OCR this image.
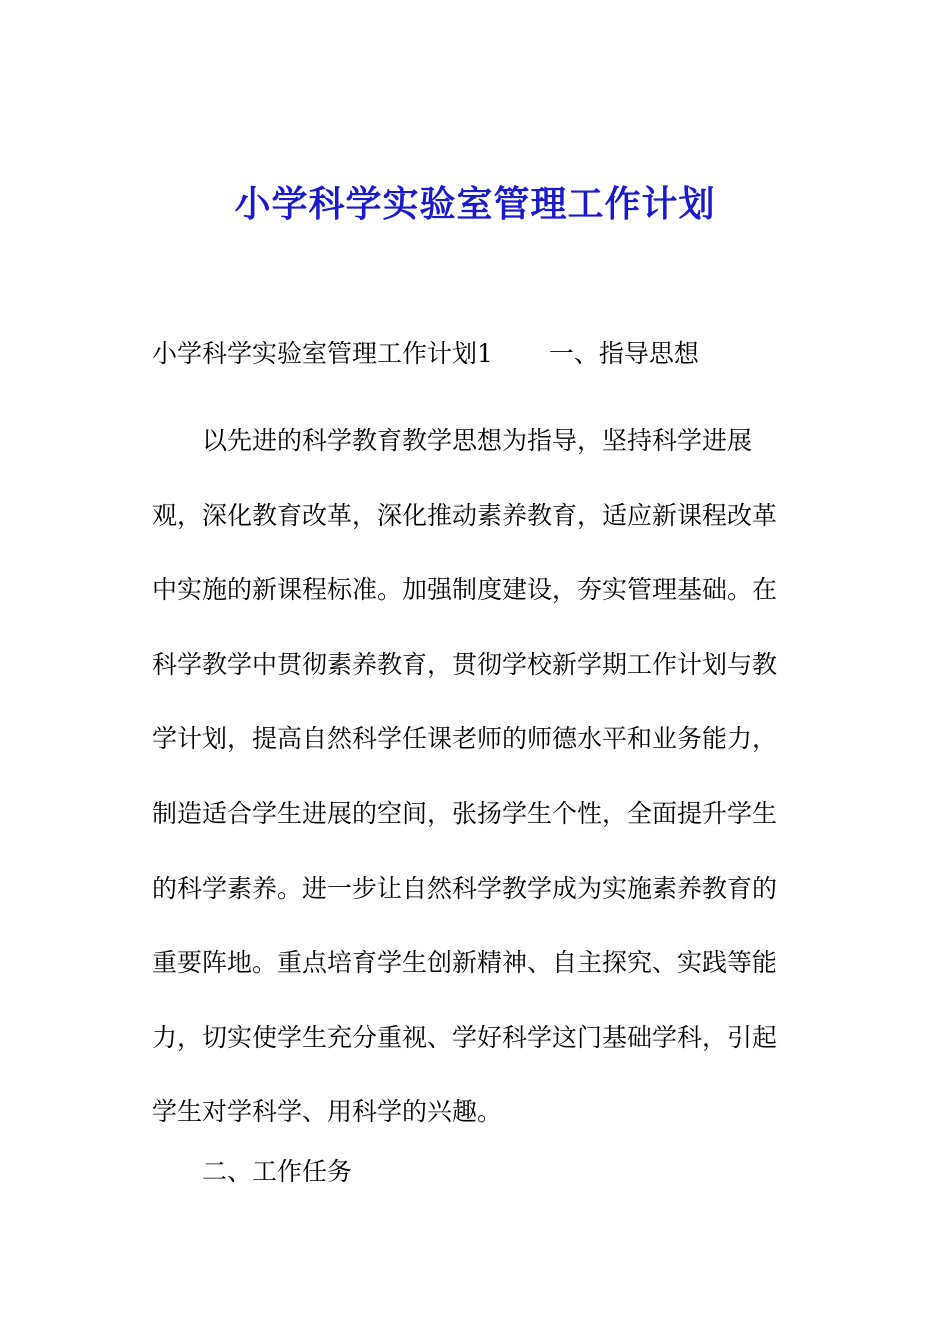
小学科学实验室管理工作计划
小学科学实验室管理工作计划1 一、指导思想
以先进的科学教育教学思想为指导，坚持科学进展
观，深化教育改革，深化推动素养教育，适应新课程改革
中实施的新课程标准。加强制度建设，夯实管理基础。在
科学教学中贯彻素养教育，贯彻学校新学期工作计划与教
学计划，提高自然科学任课老师的师德水平和业务能力，
制造适合学生进展的空间，张扬学生个性，全面提升学生
的科学素养。进一步让自然科学教学成为实施素养教育的
重要阵地。重点培育学生创新精神、自主探究、实践等能
力，切实使学生充分重视、学好科学这门基础学科，引起
学生对学科学、用科学的兴趣。
二、工作任务
